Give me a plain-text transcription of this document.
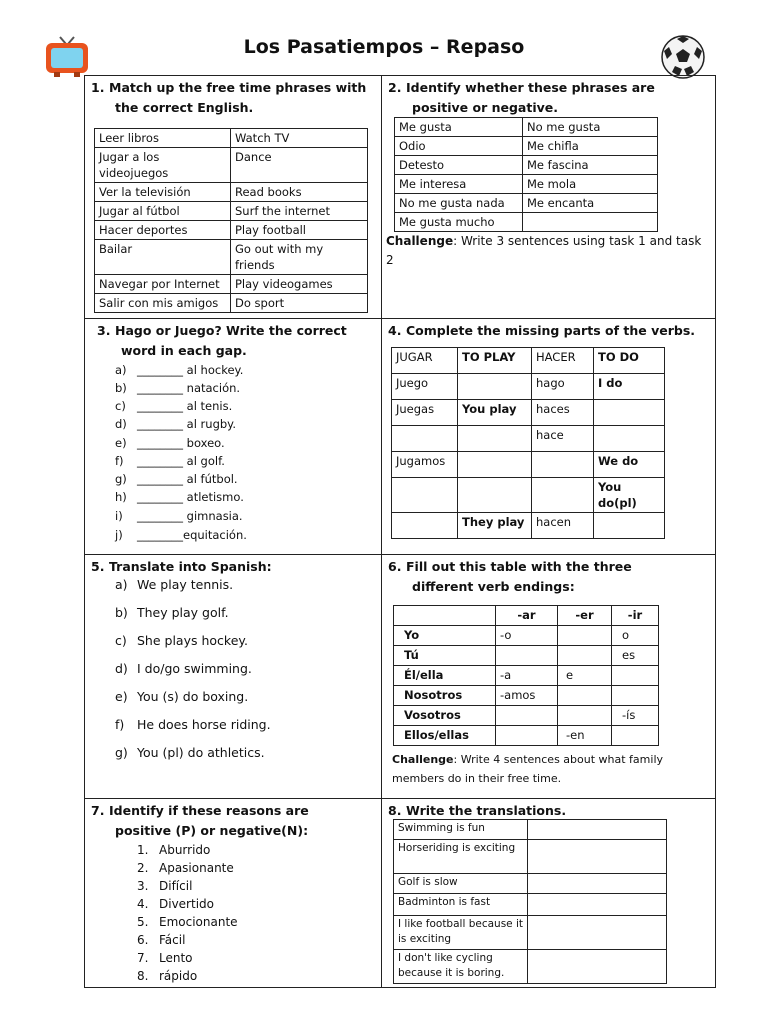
Los Pasatiempos – Repaso
1. Match up the free time phrases with
the correct English.
Leer libros	Watch TV
Jugar a los videojuegos	Dance
Ver la televisión	Read books
Jugar al fútbol	Surf the internet
Hacer deportes	Play football
Bailar	Go out with my friends
Navegar por Internet	Play videogames
Salir con mis amigos	Do sport
2. Identify whether these phrases are
positive or negative.
Me gusta	No me gusta
Odio	Me chifla
Detesto	Me fascina
Me interesa	Me mola
No me gusta nada	Me encanta
Me gusta mucho	
Challenge: Write 3 sentences using task 1 and task 2
3. Hago or Juego? Write the correct
word in each gap.
a) ________ al hockey.
b) ________ natación.
c) ________ al tenis.
d) ________ al rugby.
e) ________ boxeo.
f) ________ al golf.
g) ________ al fútbol.
h) ________ atletismo.
i) ________ gimnasia.
j) ________equitación.
4. Complete the missing parts of the verbs.
JUGAR	TO PLAY	HACER	TO DO
Juego		hago	I do
Juegas	You play	haces	
		hace	
Jugamos			We do
			You do(pl)
	They play	hacen	
5. Translate into Spanish:
a) We play tennis.
b) They play golf.
c) She plays hockey.
d) I do/go swimming.
e) You (s) do boxing.
f) He does horse riding.
g) You (pl) do athletics.
6. Fill out this table with the three
different verb endings:
	-ar	-er	-ir
Yo	-o		o
Tú			es
Él/ella	-a	e	
Nosotros	-amos		
Vosotros			-ís
Ellos/ellas		-en	
Challenge: Write 4 sentences about what family members do in their free time.
7. Identify if these reasons are
positive (P) or negative(N):
1. Aburrido
2. Apasionante
3. Difícil
4. Divertido
5. Emocionante
6. Fácil
7. Lento
8. rápido
8. Write the translations.
Swimming is fun	
Horseriding is exciting	
Golf is slow	
Badminton is fast	
I like football because it is exciting	
I don't like cycling because it is boring.	
